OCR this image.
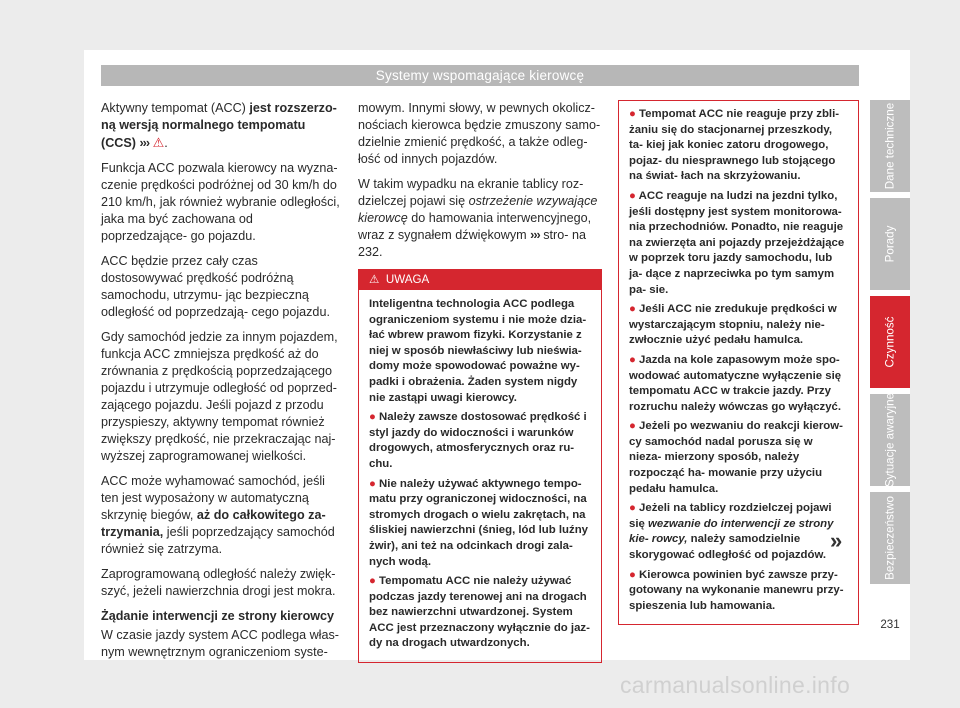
Systemy wspomagające kierowcę

Aktywny tempomat (ACC) jest rozszerzo- ną wersją normalnego tempomatu (CCS) ››› ⚠.

Funkcja ACC pozwala kierowcy na wyzna- czenie prędkości podróżnej od 30 km/h do 210 km/h, jak również wybranie odległości, jaka ma być zachowana od poprzedzające- go pojazdu.

ACC będzie przez cały czas dostosowywać prędkość podróżną samochodu, utrzymu- jąc bezpieczną odległość od poprzedzają- cego pojazdu.

Gdy samochód jedzie za innym pojazdem, funkcja ACC zmniejsza prędkość aż do zrównania z prędkością poprzedzającego pojazdu i utrzymuje odległość od poprzed- zającego pojazdu. Jeśli pojazd z przodu przyspieszy, aktywny tempomat również zwiększy prędkość, nie przekraczając naj- wyższej zaprogramowanej wielkości.

ACC może wyhamować samochód, jeśli ten jest wyposażony w automatyczną skrzynię biegów, aż do całkowitego za- trzymania, jeśli poprzedzający samochód również się zatrzyma.

Zaprogramowaną odległość należy zwięk- szyć, jeżeli nawierzchnia drogi jest mokra.

Żądanie interwencji ze strony kierowcy

W czasie jazdy system ACC podlega włas- nym wewnętrznym ograniczeniom syste-

mowym. Innymi słowy, w pewnych okolicz- nościach kierowca będzie zmuszony samo- dzielnie zmienić prędkość, a także odleg- łość od innych pojazdów.

W takim wypadku na ekranie tablicy roz- dzielczej pojawi się ostrzeżenie wzywające kierowcę do hamowania interwencyjnego, wraz z sygnałem dźwiękowym ››› stro- na 232.

⚠ UWAGA

Inteligentna technologia ACC podlega ograniczeniom systemu i nie może dzia- łać wbrew prawom fizyki. Korzystanie z niej w sposób niewłaściwy lub nieświa- domy może spowodować poważne wy- padki i obrażenia. Żaden system nigdy nie zastąpi uwagi kierowcy.

● Należy zawsze dostosować prędkość i styl jazdy do widoczności i warunków drogowych, atmosferycznych oraz ru- chu.

● Nie należy używać aktywnego tempo- matu przy ograniczonej widoczności, na stromych drogach o wielu zakrętach, na śliskiej nawierzchni (śnieg, lód lub luźny żwir), ani też na odcinkach drogi zala- nych wodą.

● Tempomatu ACC nie należy używać podczas jazdy terenowej ani na drogach bez nawierzchni utwardzonej. System ACC jest przeznaczony wyłącznie do jaz- dy na drogach utwardzonych.

● Tempomat ACC nie reaguje przy zbli- żaniu się do stacjonarnej przeszkody, ta- kiej jak koniec zatoru drogowego, pojaz- du niesprawnego lub stojącego na świat- łach na skrzyżowaniu.

● ACC reaguje na ludzi na jezdni tylko, jeśli dostępny jest system monitorowa- nia przechodniów. Ponadto, nie reaguje na zwierzęta ani pojazdy przejeżdżające w poprzek toru jazdy samochodu, lub ja- dące z naprzeciwka po tym samym pa- sie.

● Jeśli ACC nie zredukuje prędkości w wystarczającym stopniu, należy nie- zwłocznie użyć pedału hamulca.

● Jazda na kole zapasowym może spo- wodować automatyczne wyłączenie się tempomatu ACC w trakcie jazdy. Przy rozruchu należy wówczas go wyłączyć.

● Jeżeli po wezwaniu do reakcji kierow- cy samochód nadal porusza się w nieza- mierzony sposób, należy rozpocząć ha- mowanie przy użyciu pedału hamulca.

● Jeżeli na tablicy rozdzielczej pojawi się wezwanie do interwencji ze strony kie- rowcy, należy samodzielnie skorygować odległość od pojazdów.

● Kierowca powinien być zawsze przy- gotowany na wykonanie manewru przy- spieszenia lub hamowania.

»
Dane techniczne
Porady
Czynność
Sytuacje awaryjne
Bezpieczeństwo
231
carmanualsonline.info
